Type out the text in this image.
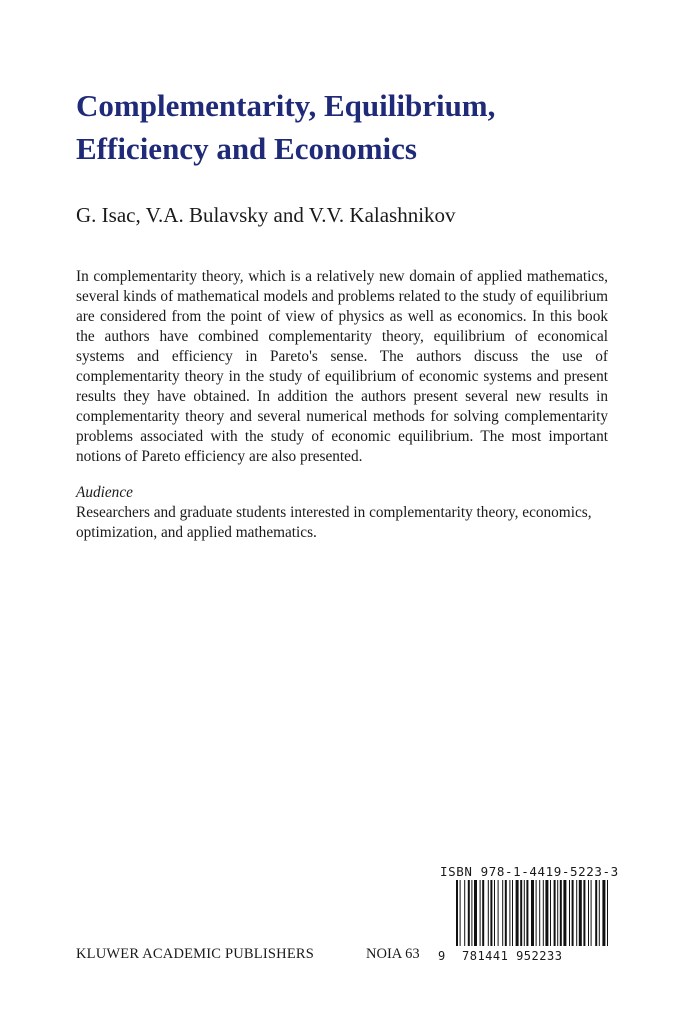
Complementarity, Equilibrium,
Efficiency and Economics
G. Isac, V.A. Bulavsky and V.V. Kalashnikov
In complementarity theory, which is a relatively new domain of applied mathematics, several kinds of mathematical models and problems related to the study of equilibrium are considered from the point of view of physics as well as economics. In this book the authors have combined complementarity theory, equilibrium of economical systems and efficiency in Pareto's sense. The authors discuss the use of complementarity theory in the study of equilibrium of economic systems and present results they have obtained. In addition the authors present several new results in complementarity theory and several numerical methods for solving complementarity problems associated with the study of economic equilibrium. The most important notions of Pareto efficiency are also presented.
Audience
Researchers and graduate students interested in complementarity theory, economics, optimization, and applied mathematics.
KLUWER ACADEMIC PUBLISHERS	NOIA 63
ISBN 978-1-4419-5223-3
9 781441 952233
